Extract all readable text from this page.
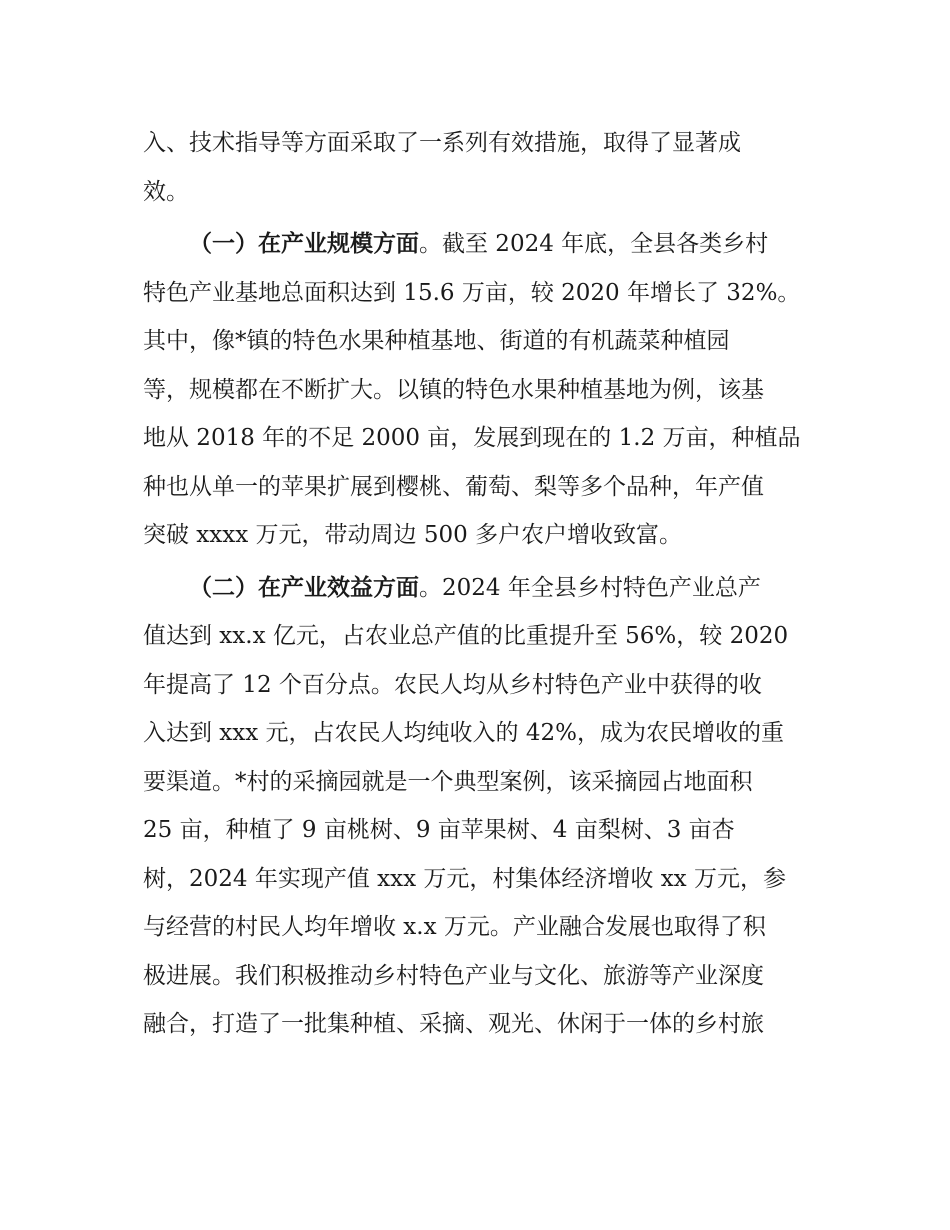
入、技术指导等方面采取了一系列有效措施，取得了显著成
效。
（一）在产业规模方面。截至 2024 年底，全县各类乡村
特色产业基地总面积达到 15.6 万亩，较 2020 年增长了 32%。
其中，像*镇的特色水果种植基地、街道的有机蔬菜种植园
等，规模都在不断扩大。以镇的特色水果种植基地为例，该基
地从 2018 年的不足 2000 亩，发展到现在的 1.2 万亩，种植品
种也从单一的苹果扩展到樱桃、葡萄、梨等多个品种，年产值
突破 xxxx 万元，带动周边 500 多户农户增收致富。
（二）在产业效益方面。2024 年全县乡村特色产业总产
值达到 xx.x 亿元，占农业总产值的比重提升至 56%，较 2020
年提高了 12 个百分点。农民人均从乡村特色产业中获得的收
入达到 xxx 元，占农民人均纯收入的 42%，成为农民增收的重
要渠道。*村的采摘园就是一个典型案例，该采摘园占地面积
25 亩，种植了 9 亩桃树、9 亩苹果树、4 亩梨树、3 亩杏
树，2024 年实现产值 xxx 万元，村集体经济增收 xx 万元，参
与经营的村民人均年增收 x.x 万元。产业融合发展也取得了积
极进展。我们积极推动乡村特色产业与文化、旅游等产业深度
融合，打造了一批集种植、采摘、观光、休闲于一体的乡村旅
